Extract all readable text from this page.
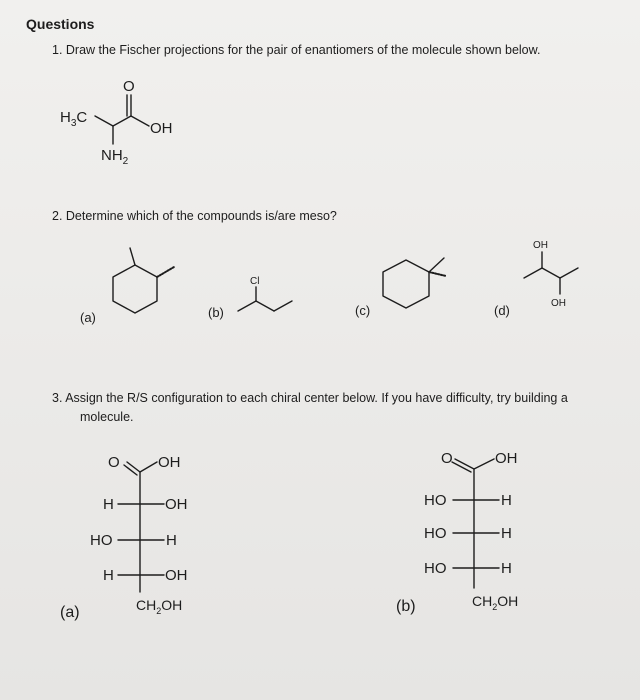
Questions
1. Draw the Fischer projections for the pair of enantiomers of the molecule shown below.
2. Determine which of the compounds is/are meso?
3. Assign the R/S configuration to each chiral center below. If you have difficulty, try building a
molecule.
(a)	(b)	(c)	(d)
(a)	(b)
$H_3C$
O
OH
$NH_2$
Cl
OH
OH
O	OH
H	OH
HO	H
H	OH
$CH_2OH$
O	OH
HO	H
HO	H
HO	H
$CH_2OH$
